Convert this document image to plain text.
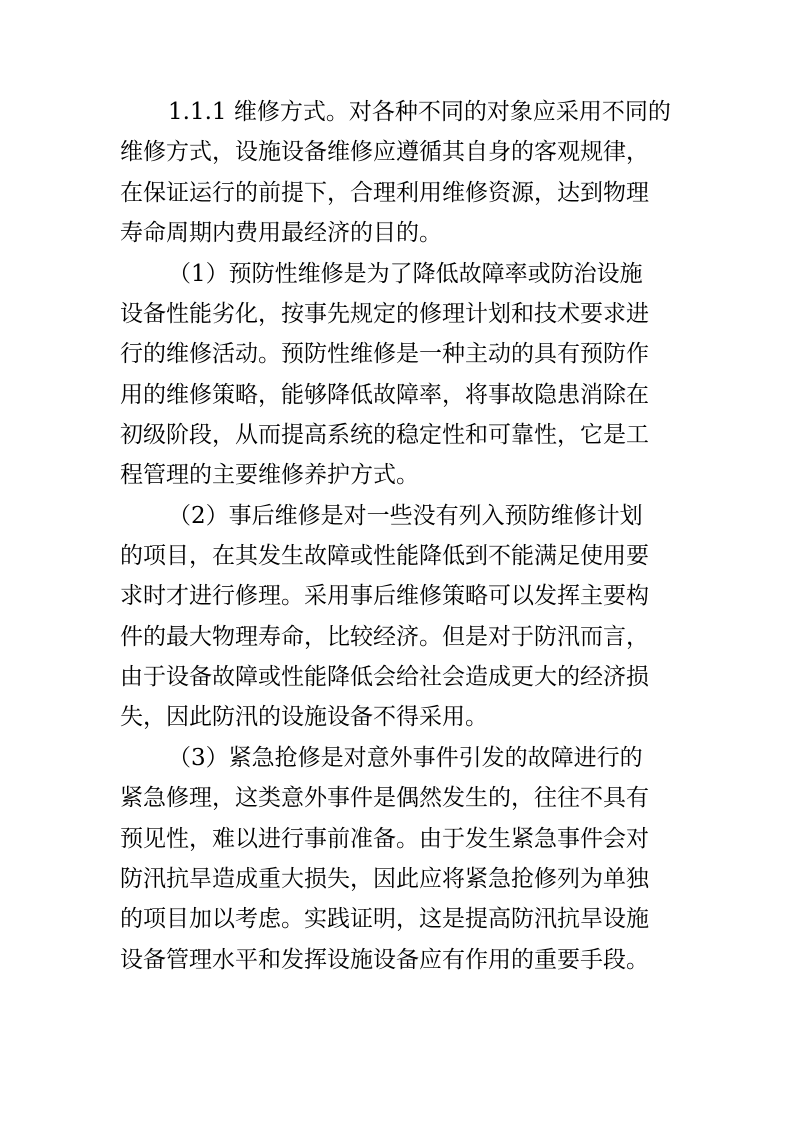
1.1.1 维修方式。对各种不同的对象应采用不同的
维修方式，设施设备维修应遵循其自身的客观规律，
在保证运行的前提下，合理利用维修资源，达到物理
寿命周期内费用最经济的目的。
（1）预防性维修是为了降低故障率或防治设施
设备性能劣化，按事先规定的修理计划和技术要求进
行的维修活动。预防性维修是一种主动的具有预防作
用的维修策略，能够降低故障率，将事故隐患消除在
初级阶段，从而提高系统的稳定性和可靠性，它是工
程管理的主要维修养护方式。
（2）事后维修是对一些没有列入预防维修计划
的项目，在其发生故障或性能降低到不能满足使用要
求时才进行修理。采用事后维修策略可以发挥主要构
件的最大物理寿命，比较经济。但是对于防汛而言，
由于设备故障或性能降低会给社会造成更大的经济损
失，因此防汛的设施设备不得采用。
（3）紧急抢修是对意外事件引发的故障进行的
紧急修理，这类意外事件是偶然发生的，往往不具有
预见性，难以进行事前准备。由于发生紧急事件会对
防汛抗旱造成重大损失，因此应将紧急抢修列为单独
的项目加以考虑。实践证明，这是提高防汛抗旱设施
设备管理水平和发挥设施设备应有作用的重要手段。
